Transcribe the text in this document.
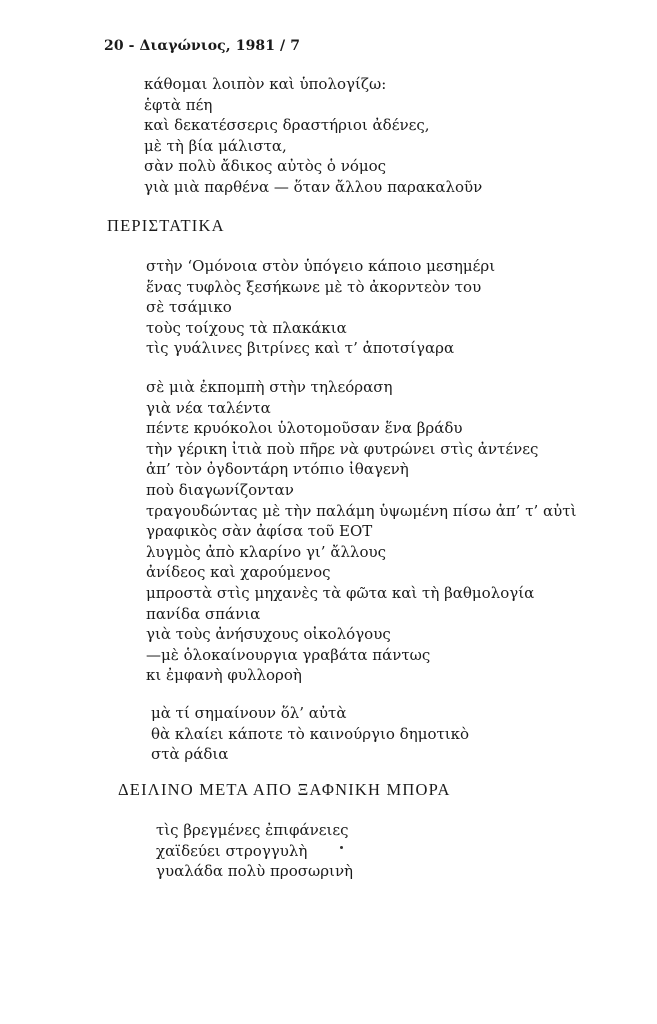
20 - Διαγώνιος, 1981 / 7
κάθομαι λοιπὸν καὶ ὑπολογίζω:
ἑφτὰ πέη
καὶ δεκατέσσερις δραστήριοι ἀδένες,
μὲ τὴ βία μάλιστα,
σὰν πολὺ ἄδικος αὐτὸς ὁ νόμος
γιὰ μιὰ παρθένα — ὅταν ἄλλου παρακαλοῦν
ΠΕΡΙΣΤΑΤΙΚΑ
στὴν ‘Ομόνοια στὸν ὑπόγειο κάποιο μεσημέρι
ἕνας τυφλὸς ξεσήκωνε μὲ τὸ ἀκορντεὸν του
σὲ τσάμικο
τοὺς τοίχους τὰ πλακάκια
τὶς γυάλινες βιτρίνες καὶ τ’ ἀποτσίγαρα
σὲ μιὰ ἐκπομπὴ στὴν τηλεόραση
γιὰ νέα ταλέντα
πέντε κρυόκολοι ὑλοτομοῦσαν ἕνα βράδυ
τὴν γέρικη ἰτιὰ ποὺ πῆρε νὰ φυτρώνει στὶς ἀντένες
ἀπ’ τὸν ὀγδοντάρη ντόπιο ἰθαγενὴ
ποὺ διαγωνίζονταν
τραγουδώντας μὲ τὴν παλάμη ὑψωμένη πίσω ἀπ’ τ’ αὐτὶ
γραφικὸς σὰν ἀφίσα τοῦ ΕΟΤ
λυγμὸς ἀπὸ κλαρίνο γι’ ἄλλους
ἀνίδεος καὶ χαρούμενος
μπροστὰ στὶς μηχανὲς τὰ φῶτα καὶ τὴ βαθμολογία
πανίδα σπάνια
γιὰ τοὺς ἀνήσυχους οἰκολόγους
—μὲ ὁλοκαίνουργια γραβάτα πάντως
κι ἐμφανὴ φυλλορoὴ
μὰ τί σημαίνουν ὅλ’ αὐτὰ
θὰ κλαίει κάποτε τὸ καινούργιο δημοτικὸ
στὰ ράδια
ΔΕΙΛΙΝΟ ΜΕΤΑ ΑΠΟ ΞΑΦΝΙΚΗ ΜΠΟΡΑ
τὶς βρεγμένες ἐπιφάνειες
χαϊδεύει στρογγυλὴ
γυαλάδα πολὺ προσωρινὴ
